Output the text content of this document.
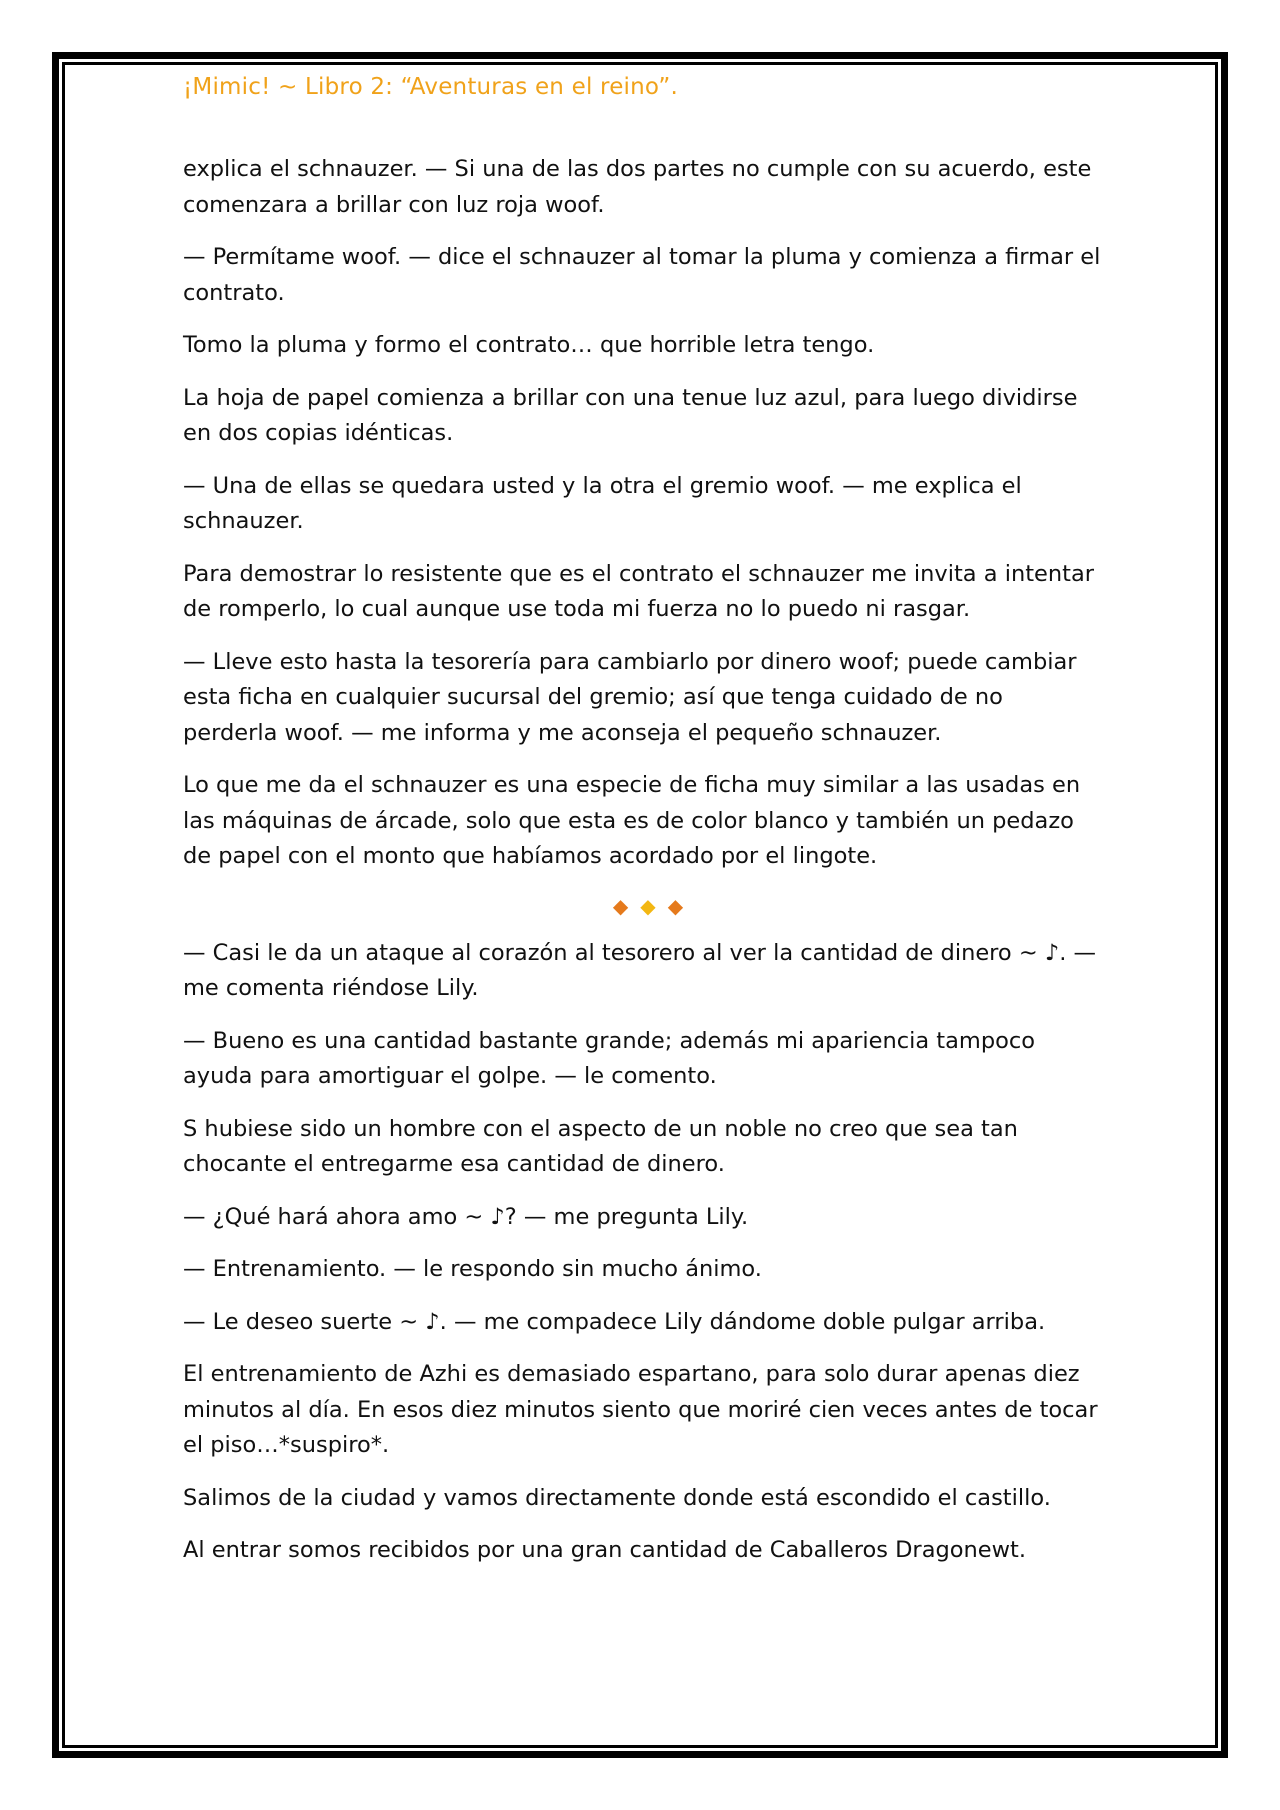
¡Mimic! ~ Libro 2: “Aventuras en el reino”.

explica el schnauzer. — Si una de las dos partes no cumple con su acuerdo, este comenzara a brillar con luz roja woof.

— Permítame woof. — dice el schnauzer al tomar la pluma y comienza a firmar el contrato.

Tomo la pluma y formo el contrato… que horrible letra tengo.

La hoja de papel comienza a brillar con una tenue luz azul, para luego dividirse en dos copias idénticas.

— Una de ellas se quedara usted y la otra el gremio woof. — me explica el schnauzer.

Para demostrar lo resistente que es el contrato el schnauzer me invita a intentar de romperlo, lo cual aunque use toda mi fuerza no lo puedo ni rasgar.

— Lleve esto hasta la tesorería para cambiarlo por dinero woof; puede cambiar esta ficha en cualquier sucursal del gremio; así que tenga cuidado de no perderla woof. — me informa y me aconseja el pequeño schnauzer.

Lo que me da el schnauzer es una especie de ficha muy similar a las usadas en las máquinas de árcade, solo que esta es de color blanco y también un pedazo de papel con el monto que habíamos acordado por el lingote.

◆ ◆ ◆

— Casi le da un ataque al corazón al tesorero al ver la cantidad de dinero ~ ♪. — me comenta riéndose Lily.

— Bueno es una cantidad bastante grande; además mi apariencia tampoco ayuda para amortiguar el golpe. — le comento.

S hubiese sido un hombre con el aspecto de un noble no creo que sea tan chocante el entregarme esa cantidad de dinero.

— ¿Qué hará ahora amo ~ ♪? — me pregunta Lily.

— Entrenamiento. — le respondo sin mucho ánimo.

— Le deseo suerte ~ ♪. — me compadece Lily dándome doble pulgar arriba.

El entrenamiento de Azhi es demasiado espartano, para solo durar apenas diez minutos al día. En esos diez minutos siento que moriré cien veces antes de tocar el piso…*suspiro*.

Salimos de la ciudad y vamos directamente donde está escondido el castillo.

Al entrar somos recibidos por una gran cantidad de Caballeros Dragonewt.
